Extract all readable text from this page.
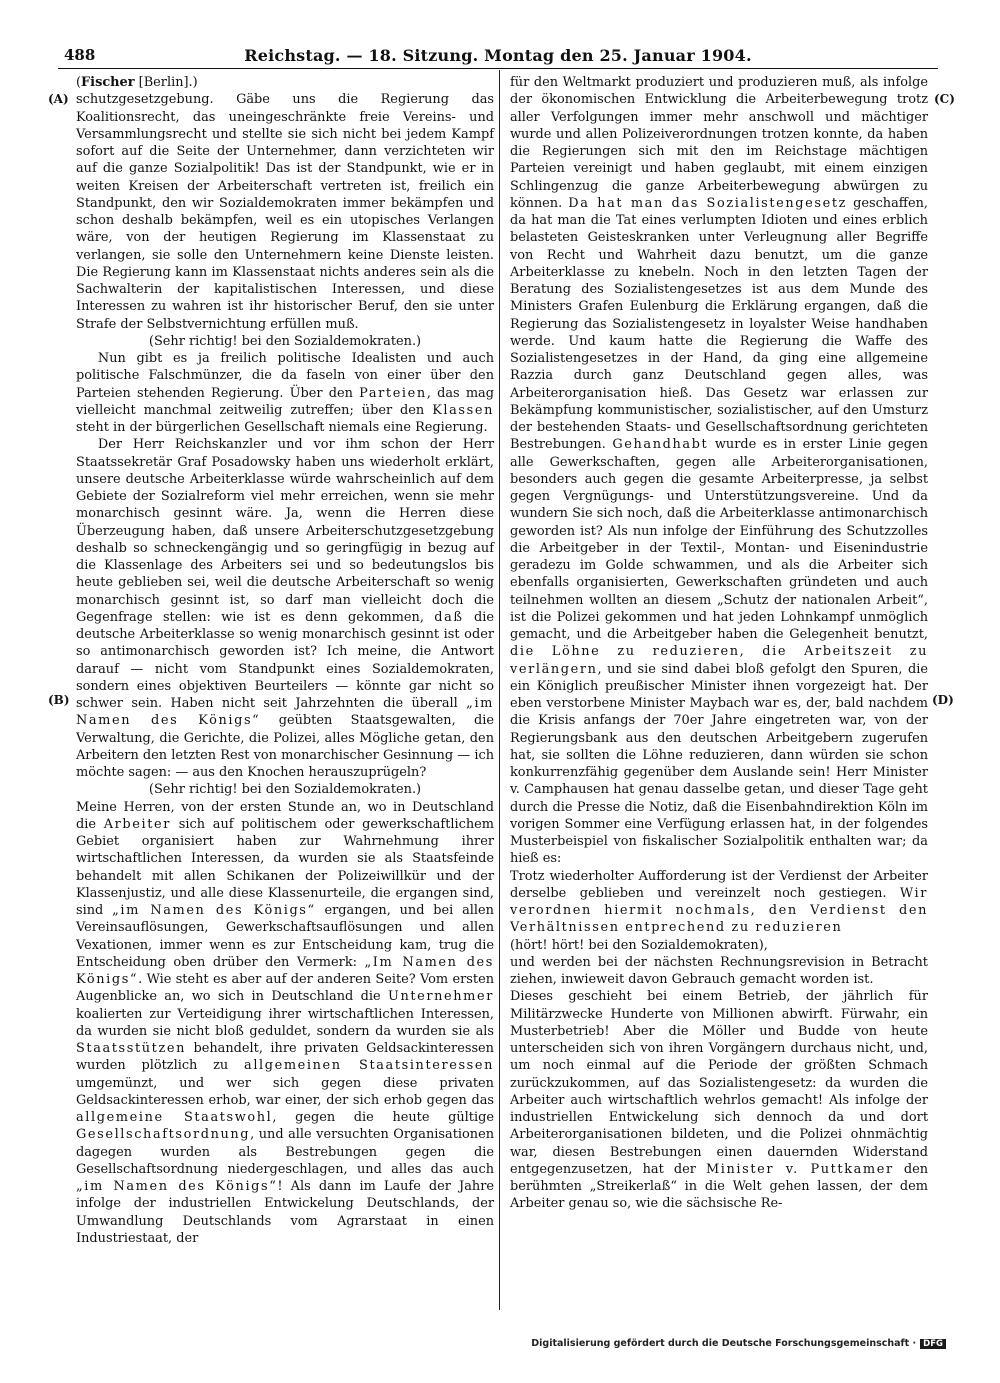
488	Reichstag. — 18. Sitzung. Montag den 25. Januar 1904.
(A)
(B)
(C)
(D)

(Fischer [Berlin].)

schutzgesetzgebung. Gäbe uns die Regierung das Koalitionsrecht, das uneingeschränkte freie Vereins- und Versammlungsrecht und stellte sie sich nicht bei jedem Kampf sofort auf die Seite der Unternehmer, dann verzichteten wir auf die ganze Sozialpolitik! Das ist der Standpunkt, wie er in weiten Kreisen der Arbeiterschaft vertreten ist, freilich ein Standpunkt, den wir Sozialdemokraten immer bekämpfen und schon deshalb bekämpfen, weil es ein utopisches Verlangen wäre, von der heutigen Regierung im Klassenstaat zu verlangen, sie solle den Unternehmern keine Dienste leisten. Die Regierung kann im Klassenstaat nichts anderes sein als die Sachwalterin der kapitalistischen Interessen, und diese Interessen zu wahren ist ihr historischer Beruf, den sie unter Strafe der Selbstvernichtung erfüllen muß.

(Sehr richtig! bei den Sozialdemokraten.)

Nun gibt es ja freilich politische Idealisten und auch politische Falschmünzer, die da faseln von einer über den Parteien stehenden Regierung. Über den Parteien, das mag vielleicht manchmal zeitweilig zutreffen; über den Klassen steht in der bürgerlichen Gesellschaft niemals eine Regierung.

Der Herr Reichskanzler und vor ihm schon der Herr Staatssekretär Graf Posadowsky haben uns wiederholt erklärt, unsere deutsche Arbeiterklasse würde wahrscheinlich auf dem Gebiete der Sozialreform viel mehr erreichen, wenn sie mehr monarchisch gesinnt wäre. Ja, wenn die Herren diese Überzeugung haben, daß unsere Arbeiterschutzgesetzgebung deshalb so schneckengängig und so geringfügig in bezug auf die Klassenlage des Arbeiters sei und so bedeutungslos bis heute geblieben sei, weil die deutsche Arbeiterschaft so wenig monarchisch gesinnt ist, so darf man vielleicht doch die Gegenfrage stellen: wie ist es denn gekommen, daß die deutsche Arbeiterklasse so wenig monarchisch gesinnt ist oder so antimonarchisch geworden ist? Ich meine, die Antwort darauf — nicht vom Standpunkt eines Sozialdemokraten, sondern eines objektiven Beurteilers — könnte gar nicht so schwer sein. Haben nicht seit Jahrzehnten die überall „im Namen des Königs“ geübten Staatsgewalten, die Verwaltung, die Gerichte, die Polizei, alles Mögliche getan, den Arbeitern den letzten Rest von monarchischer Gesinnung — ich möchte sagen: — aus den Knochen herauszuprügeln?

(Sehr richtig! bei den Sozialdemokraten.)

Meine Herren, von der ersten Stunde an, wo in Deutschland die Arbeiter sich auf politischem oder gewerkschaftlichem Gebiet organisiert haben zur Wahrnehmung ihrer wirtschaftlichen Interessen, da wurden sie als Staatsfeinde behandelt mit allen Schikanen der Polizeiwillkür und der Klassenjustiz, und alle diese Klassenurteile, die ergangen sind, sind „im Namen des Königs“ ergangen, und bei allen Vereinsauflösungen, Gewerkschaftsauflösungen und allen Vexationen, immer wenn es zur Entscheidung kam, trug die Entscheidung oben drüber den Vermerk: „Im Namen des Königs“. Wie steht es aber auf der anderen Seite? Vom ersten Augenblicke an, wo sich in Deutschland die Unternehmer koalierten zur Verteidigung ihrer wirtschaftlichen Interessen, da wurden sie nicht bloß geduldet, sondern da wurden sie als Staatsstützen behandelt, ihre privaten Geldsackinteressen wurden plötzlich zu allgemeinen Staatsinteressen umgemünzt, und wer sich gegen diese privaten Geldsackinteressen erhob, war einer, der sich erhob gegen das allgemeine Staatswohl, gegen die heute gültige Gesellschaftsordnung, und alle versuchten Organisationen dagegen wurden als Bestrebungen gegen die Gesellschaftsordnung niedergeschlagen, und alles das auch „im Namen des Königs“! Als dann im Laufe der Jahre infolge der industriellen Entwickelung Deutschlands, der Umwandlung Deutschlands vom Agrarstaat in einen Industriestaat, der

für den Weltmarkt produziert und produzieren muß, als infolge der ökonomischen Entwicklung die Arbeiterbewegung trotz aller Verfolgungen immer mehr anschwoll und mächtiger wurde und allen Polizeiverordnungen trotzen konnte, da haben die Regierungen sich mit den im Reichstage mächtigen Parteien vereinigt und haben geglaubt, mit einem einzigen Schlingenzug die ganze Arbeiterbewegung abwürgen zu können. Da hat man das Sozialistengesetz geschaffen, da hat man die Tat eines verlumpten Idioten und eines erblich belasteten Geisteskranken unter Verleugnung aller Begriffe von Recht und Wahrheit dazu benutzt, um die ganze Arbeiterklasse zu knebeln. Noch in den letzten Tagen der Beratung des Sozialistengesetzes ist aus dem Munde des Ministers Grafen Eulenburg die Erklärung ergangen, daß die Regierung das Sozialistengesetz in loyalster Weise handhaben werde. Und kaum hatte die Regierung die Waffe des Sozialistengesetzes in der Hand, da ging eine allgemeine Razzia durch ganz Deutschland gegen alles, was Arbeiterorganisation hieß. Das Gesetz war erlassen zur Bekämpfung kommunistischer, sozialistischer, auf den Umsturz der bestehenden Staats- und Gesellschaftsordnung gerichteten Bestrebungen. Gehandhabt wurde es in erster Linie gegen alle Gewerkschaften, gegen alle Arbeiterorganisationen, besonders auch gegen die gesamte Arbeiterpresse, ja selbst gegen Vergnügungs- und Unterstützungsvereine. Und da wundern Sie sich noch, daß die Arbeiterklasse antimonarchisch geworden ist? Als nun infolge der Einführung des Schutzzolles die Arbeitgeber in der Textil-, Montan- und Eisenindustrie geradezu im Golde schwammen, und als die Arbeiter sich ebenfalls organisierten, Gewerkschaften gründeten und auch teilnehmen wollten an diesem „Schutz der nationalen Arbeit“, ist die Polizei gekommen und hat jeden Lohnkampf unmöglich gemacht, und die Arbeitgeber haben die Gelegenheit benutzt, die Löhne zu reduzieren, die Arbeitszeit zu verlängern, und sie sind dabei bloß gefolgt den Spuren, die ein Königlich preußischer Minister ihnen vorgezeigt hat. Der eben verstorbene Minister Maybach war es, der, bald nachdem die Krisis anfangs der 70er Jahre eingetreten war, von der Regierungsbank aus den deutschen Arbeitgebern zugerufen hat, sie sollten die Löhne reduzieren, dann würden sie schon konkurrenzfähig gegenüber dem Auslande sein! Herr Minister v. Camphausen hat genau dasselbe getan, und dieser Tage geht durch die Presse die Notiz, daß die Eisenbahndirektion Köln im vorigen Sommer eine Verfügung erlassen hat, in der folgendes Musterbeispiel von fiskalischer Sozialpolitik enthalten war; da hieß es:

Trotz wiederholter Aufforderung ist der Verdienst der Arbeiter derselbe geblieben und vereinzelt noch gestiegen. Wir verordnen hiermit nochmals, den Verdienst den Verhältnissen entprechend zu reduzieren

(hört! hört! bei den Sozialdemokraten),

und werden bei der nächsten Rechnungsrevision in Betracht ziehen, inwieweit davon Gebrauch gemacht worden ist.

Dieses geschieht bei einem Betrieb, der jährlich für Militärzwecke Hunderte von Millionen abwirft. Fürwahr, ein Musterbetrieb! Aber die Möller und Budde von heute unterscheiden sich von ihren Vorgängern durchaus nicht, und, um noch einmal auf die Periode der größten Schmach zurückzukommen, auf das Sozialistengesetz: da wurden die Arbeiter auch wirtschaftlich wehrlos gemacht! Als infolge der industriellen Entwickelung sich dennoch da und dort Arbeiterorganisationen bildeten, und die Polizei ohnmächtig war, diesen Bestrebungen einen dauernden Widerstand entgegenzusetzen, hat der Minister v. Puttkamer den berühmten „Streikerlaß“ in die Welt gehen lassen, der dem Arbeiter genau so, wie die sächsische Re-

Digitalisierung gefördert durch die Deutsche Forschungsgemeinschaft · DFG
